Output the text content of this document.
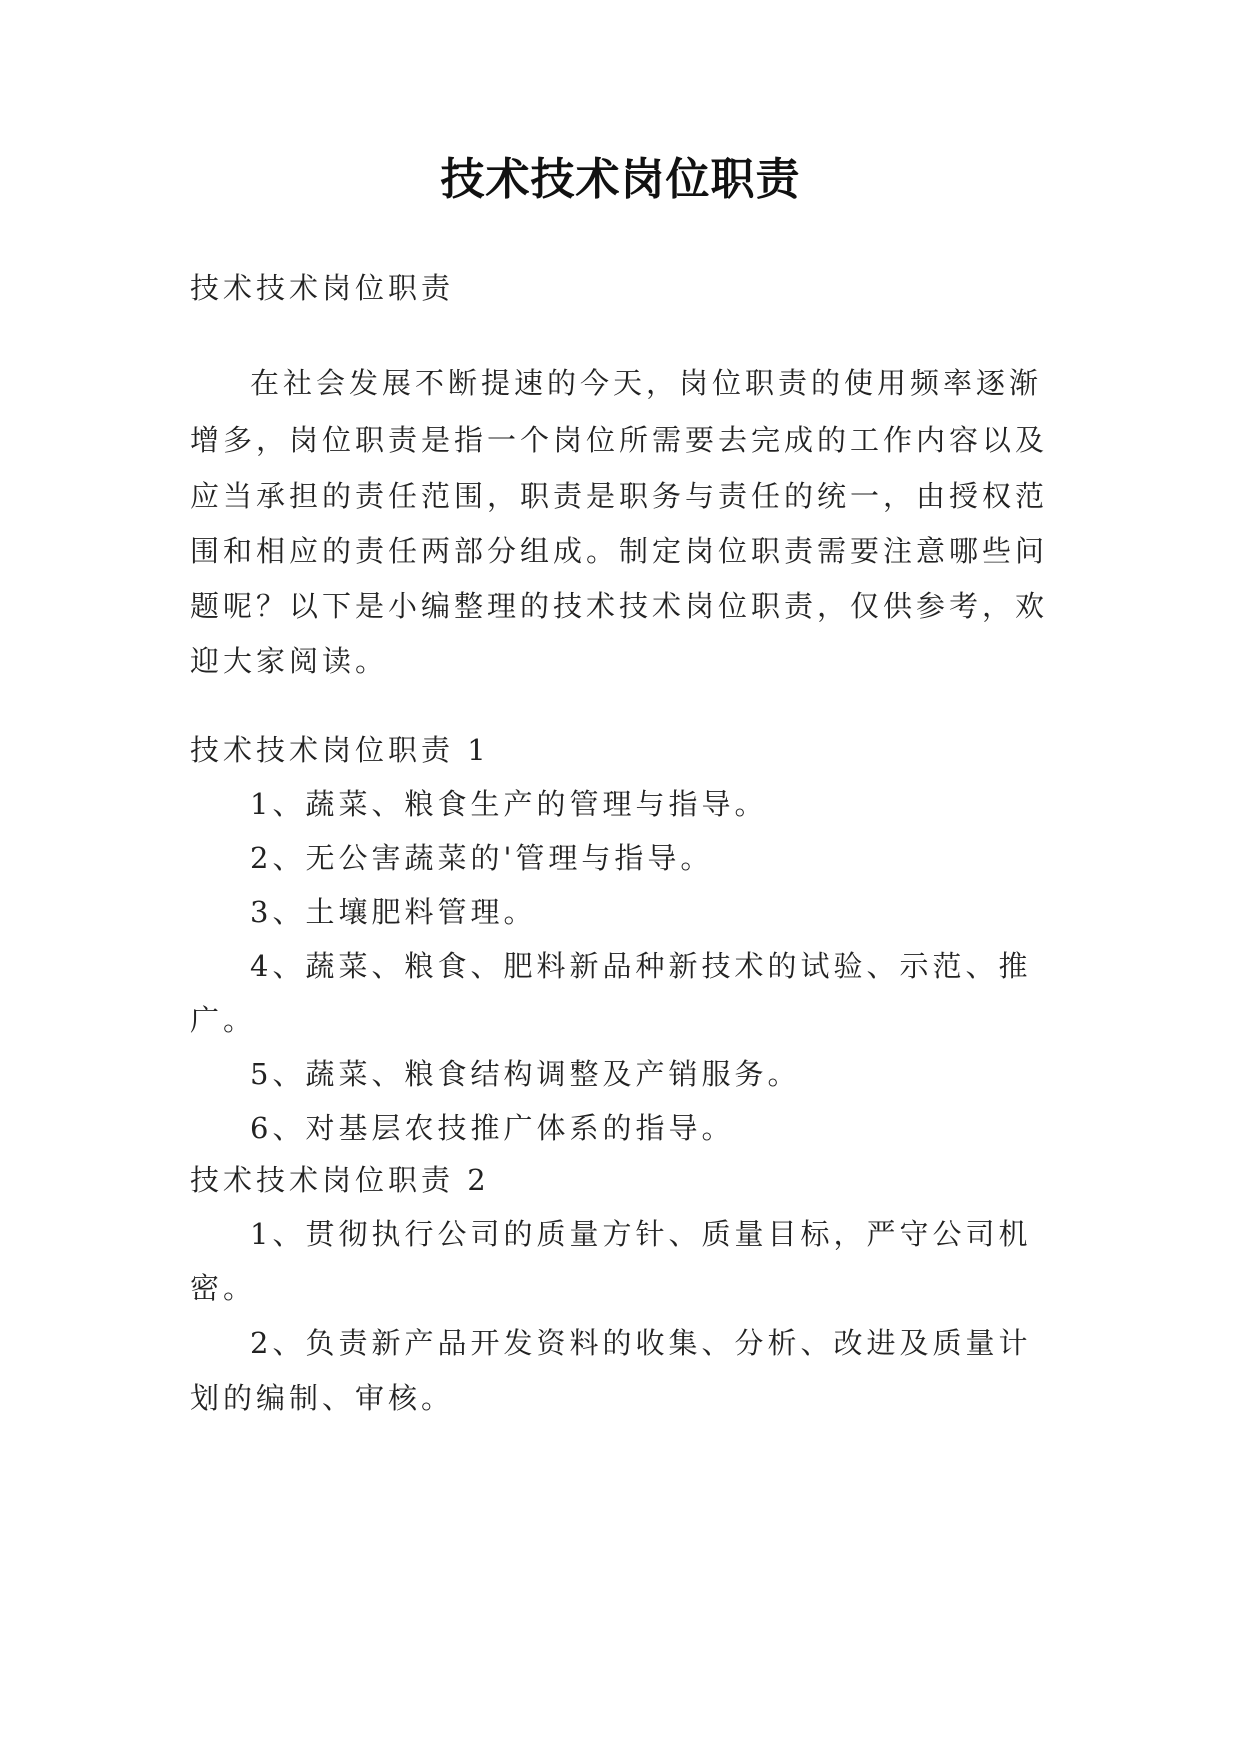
技术技术岗位职责

技术技术岗位职责

在社会发展不断提速的今天，岗位职责的使用频率逐渐

增多，岗位职责是指一个岗位所需要去完成的工作内容以及

应当承担的责任范围，职责是职务与责任的统一，由授权范

围和相应的责任两部分组成。制定岗位职责需要注意哪些问

题呢？以下是小编整理的技术技术岗位职责，仅供参考，欢

迎大家阅读。

技术技术岗位职责 1

1、蔬菜、粮食生产的管理与指导。

2、无公害蔬菜的'管理与指导。

3、土壤肥料管理。

4、蔬菜、粮食、肥料新品种新技术的试验、示范、推

广。

5、蔬菜、粮食结构调整及产销服务。

6、对基层农技推广体系的指导。

技术技术岗位职责 2

1、贯彻执行公司的质量方针、质量目标，严守公司机

密。

2、负责新产品开发资料的收集、分析、改进及质量计

划的编制、审核。
